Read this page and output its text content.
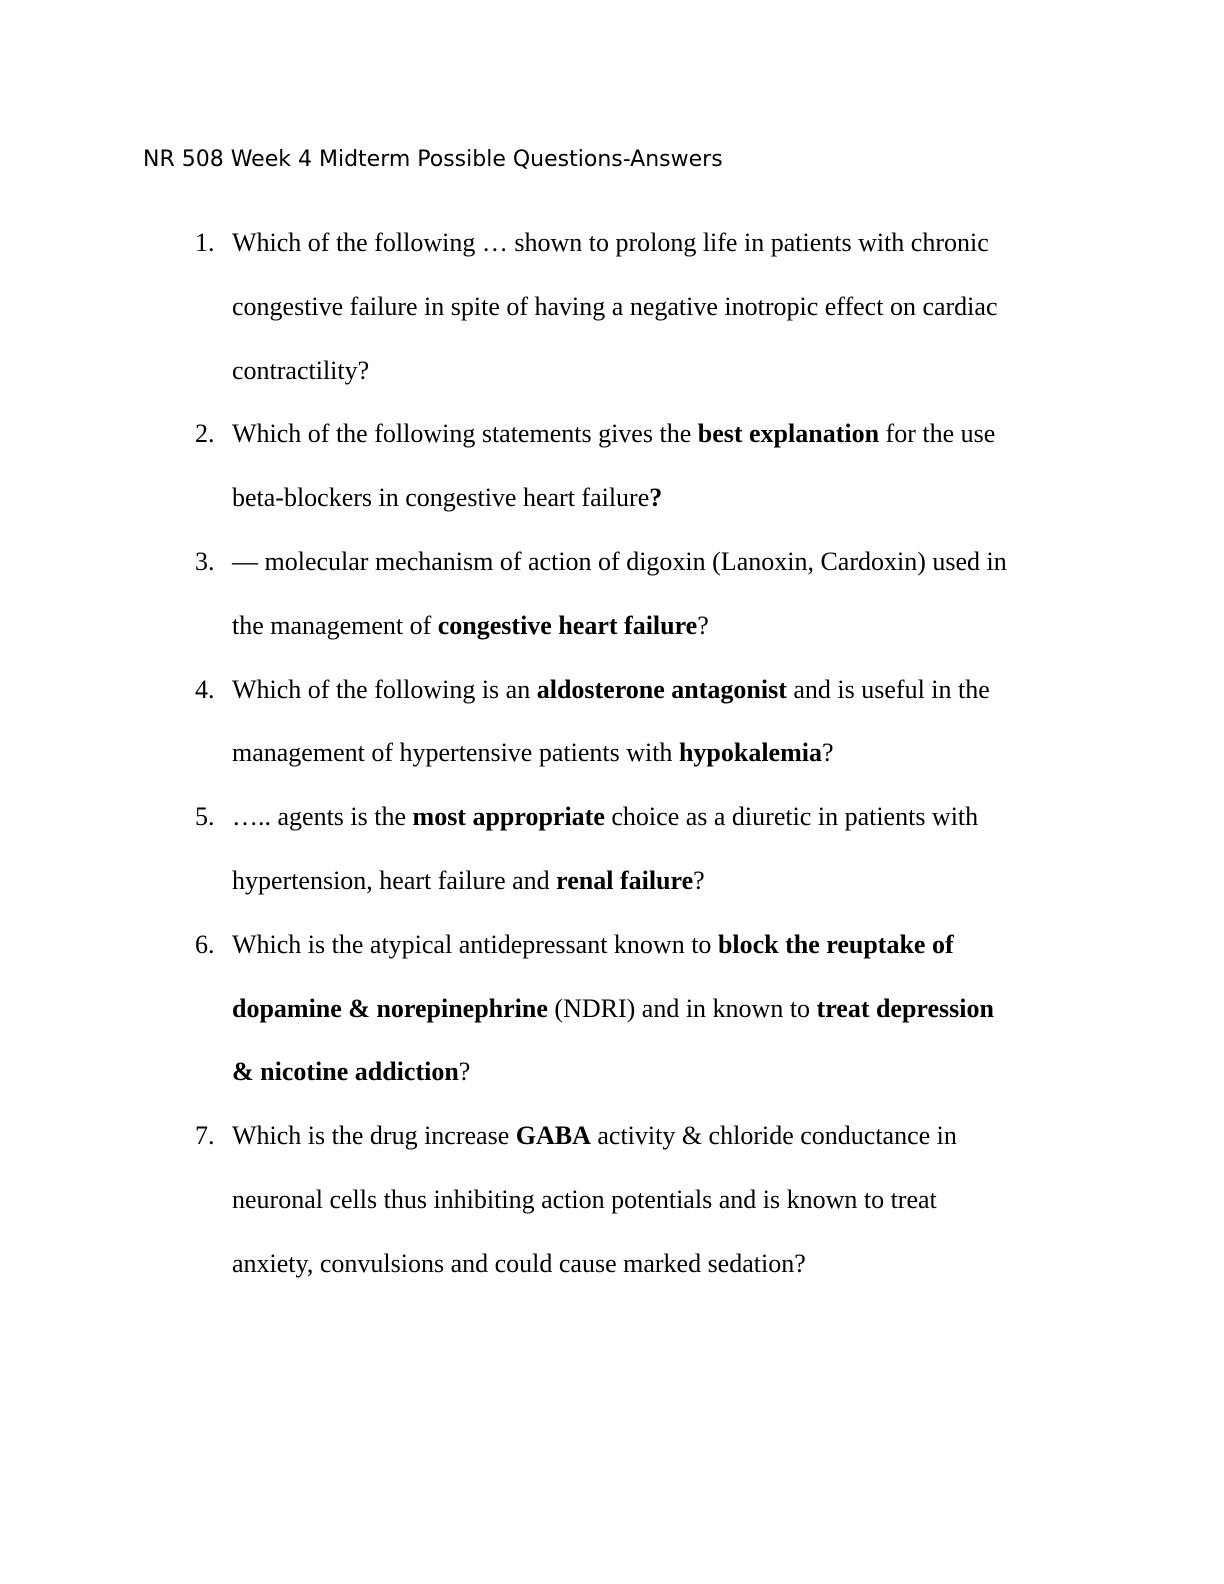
NR 508 Week 4 Midterm Possible Questions-Answers
1. Which of the following … shown to prolong life in patients with chronic
congestive failure in spite of having a negative inotropic effect on cardiac
contractility?
2. Which of the following statements gives the best explanation for the use
beta-blockers in congestive heart failure?
3. — molecular mechanism of action of digoxin (Lanoxin, Cardoxin) used in
the management of congestive heart failure?
4. Which of the following is an aldosterone antagonist and is useful in the
management of hypertensive patients with hypokalemia?
5. ….. agents is the most appropriate choice as a diuretic in patients with
hypertension, heart failure and renal failure?
6. Which is the atypical antidepressant known to block the reuptake of
dopamine & norepinephrine (NDRI) and in known to treat depression
& nicotine addiction?
7. Which is the drug increase GABA activity & chloride conductance in
neuronal cells thus inhibiting action potentials and is known to treat
anxiety, convulsions and could cause marked sedation?
